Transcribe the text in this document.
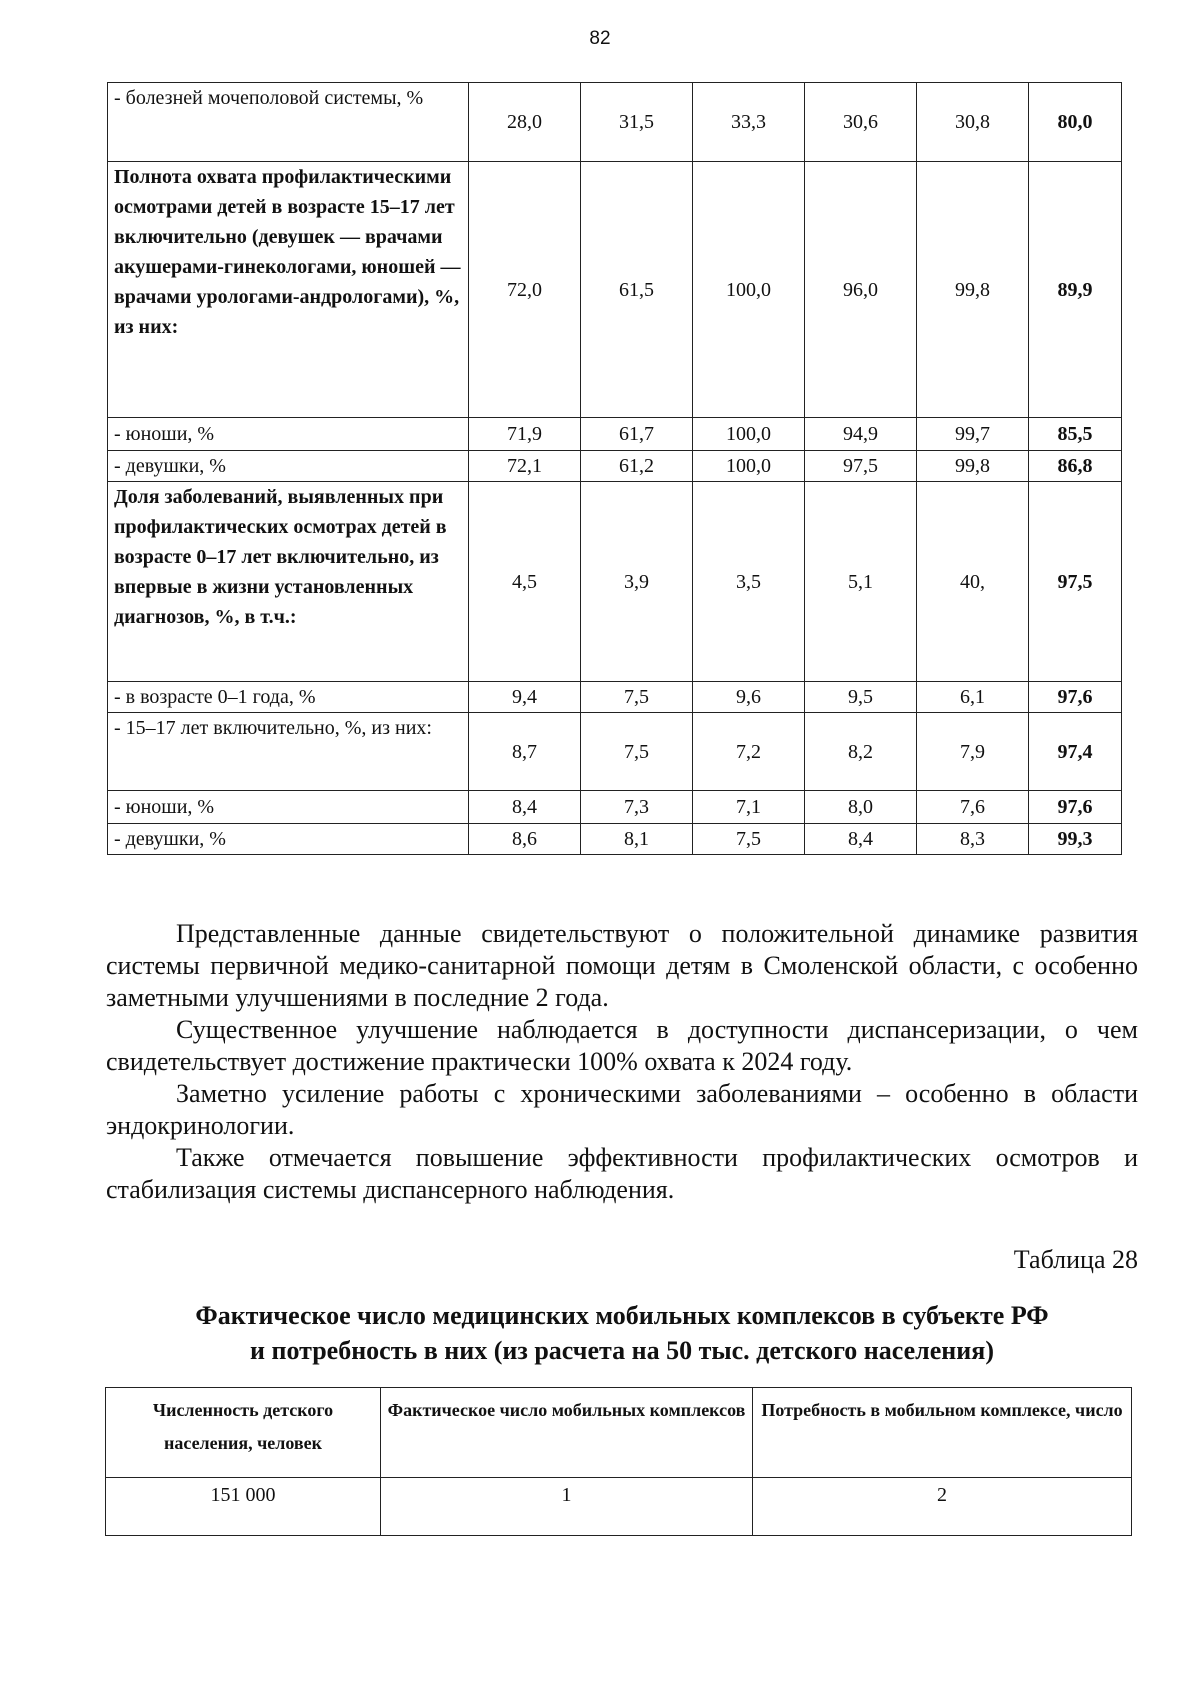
82
- болезней мочеполовой системы, %	28,0	31,5	33,3	30,6	30,8	80,0
Полнота охвата профилактическими осмотрами детей в возрасте 15–17 лет включительно (девушек — врачами акушерами-гинекологами, юношей — врачами урологами-андрологами), %, из них:	72,0	61,5	100,0	96,0	99,8	89,9
- юноши, %	71,9	61,7	100,0	94,9	99,7	85,5
- девушки, %	72,1	61,2	100,0	97,5	99,8	86,8
Доля заболеваний, выявленных при профилактических осмотрах детей в возрасте 0–17 лет включительно, из впервые в жизни установленных диагнозов, %, в т.ч.:	4,5	3,9	3,5	5,1	40,	97,5
- в возрасте 0–1 года, %	9,4	7,5	9,6	9,5	6,1	97,6
- 15–17 лет включительно, %, из них:	8,7	7,5	7,2	8,2	7,9	97,4
- юноши, %	8,4	7,3	7,1	8,0	7,6	97,6
- девушки, %	8,6	8,1	7,5	8,4	8,3	99,3

Представленные данные свидетельствуют о положительной динамике развития системы первичной медико-санитарной помощи детям в Смоленской области, с особенно заметными улучшениями в последние 2 года.

Существенное улучшение наблюдается в доступности диспансеризации, о чем свидетельствует достижение практически 100% охвата к 2024 году.

Заметно усиление работы с хроническими заболеваниями – особенно в области эндокринологии.

Также отмечается повышение эффективности профилактических осмотров и стабилизация системы диспансерного наблюдения.

Таблица 28
Фактическое число медицинских мобильных комплексов в субъекте РФ
и потребность в них (из расчета на 50 тыс. детского населения)
Численность детского населения, человек	Фактическое число мобильных комплексов	Потребность в мобильном комплексе, число
151 000	1	2
